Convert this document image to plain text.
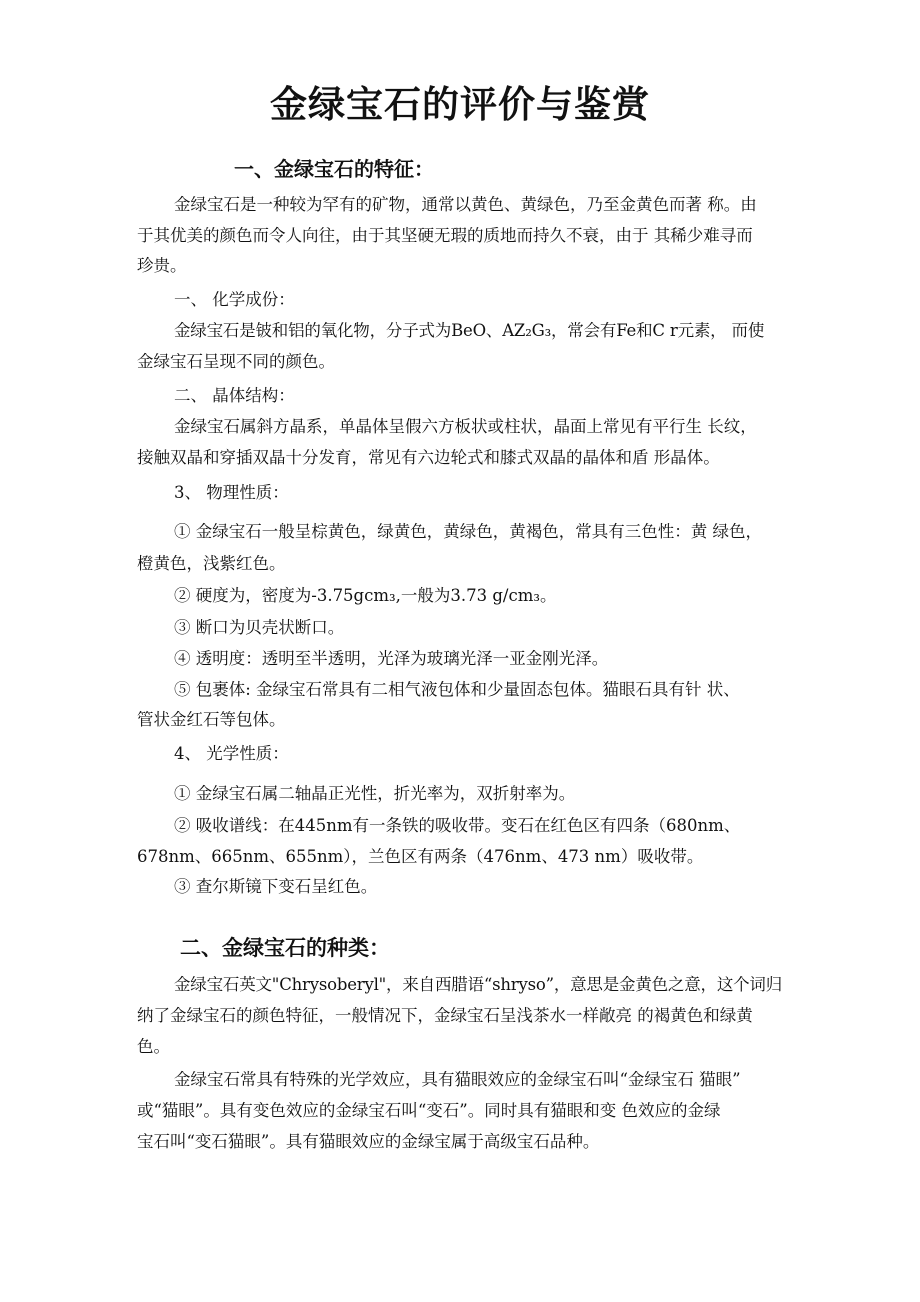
金绿宝石的评价与鉴赏
一、金绿宝石的特征：

金绿宝石是一种较为罕有的矿物，通常以黄色、黄绿色，乃至金黄色而著 称。由

于其优美的颜色而令人向往，由于其坚硬无瑕的质地而持久不衰，由于 其稀少难寻而

珍贵。

一、 化学成份：

金绿宝石是铍和铝的氧化物，分子式为BeO、AZ₂G₃，常会有Fe和C r元素， 而使

金绿宝石呈现不同的颜色。

二、 晶体结构：

金绿宝石属斜方晶系，单晶体呈假六方板状或柱状，晶面上常见有平行生 长纹，

接触双晶和穿插双晶十分发育，常见有六边轮式和膝式双晶的晶体和盾 形晶体。

3、 物理性质：

① 金绿宝石一般呈棕黄色，绿黄色，黄绿色，黄褐色，常具有三色性：黄 绿色，

橙黄色，浅紫红色。

② 硬度为，密度为-3.75gcm₃,一般为3.73 g/cm₃。

③ 断口为贝壳状断口。

④ 透明度：透明至半透明，光泽为玻璃光泽一亚金刚光泽。

⑤ 包裹体: 金绿宝石常具有二相气液包体和少量固态包体。猫眼石具有针 状、

管状金红石等包体。

4、 光学性质：

① 金绿宝石属二轴晶正光性，折光率为，双折射率为。

② 吸收谱线：在445nm有一条铁的吸收带。变石在红色区有四条（680nm、

678nm、665nm、655nm），兰色区有两条（476nm、473 nm）吸收带。

③ 查尔斯镜下变石呈红色。

二、金绿宝石的种类：

金绿宝石英文"Chrysoberyl"，来自西腊语“shryso”，意思是金黄色之意，这个词归

纳了金绿宝石的颜色特征，一般情况下，金绿宝石呈浅茶水一样敞亮 的褐黄色和绿黄

色。

金绿宝石常具有特殊的光学效应，具有猫眼效应的金绿宝石叫“金绿宝石 猫眼”

或“猫眼”。具有变色效应的金绿宝石叫“变石”。同时具有猫眼和变 色效应的金绿

宝石叫“变石猫眼”。具有猫眼效应的金绿宝属于高级宝石品种。
